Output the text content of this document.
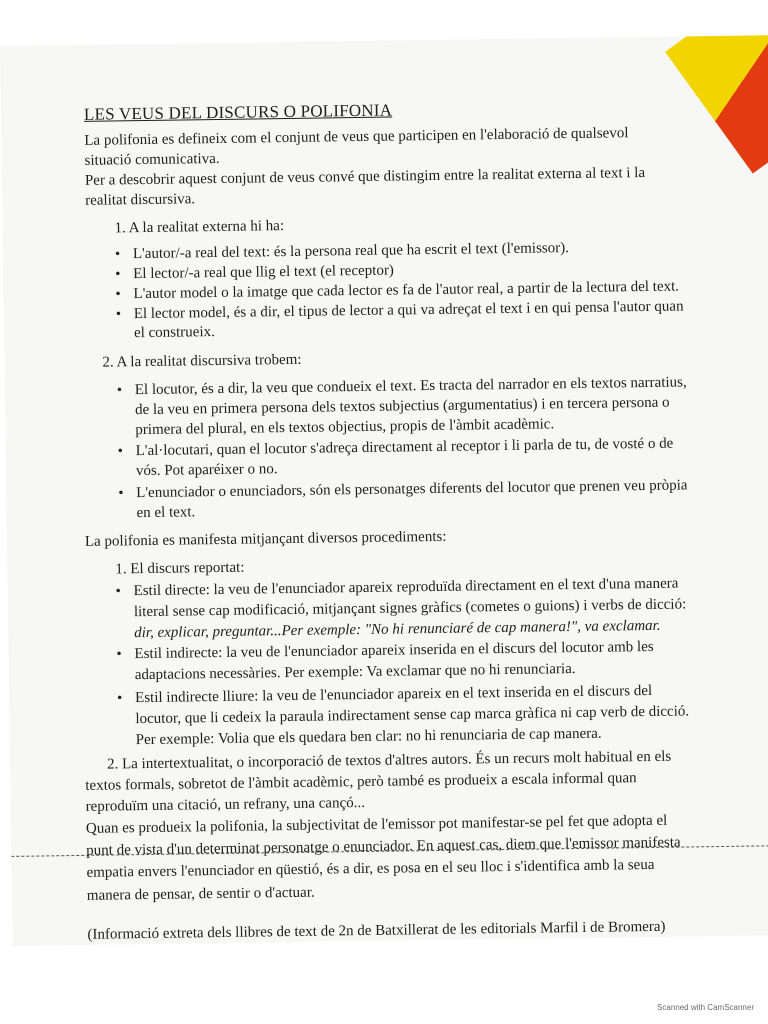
LES VEUS DEL DISCURS O POLIFONIA
La polifonia es defineix com el conjunt de veus que participen en l'elaboració de qualsevol
situació comunicativa.
Per a descobrir aquest conjunt de veus convé que distingim entre la realitat externa al text i la
realitat discursiva.
1. A la realitat externa hi ha:
• L'autor/-a real del text: és la persona real que ha escrit el text (l'emissor).
• El lector/-a real que llig el text (el receptor)
• L'autor model o la imatge que cada lector es fa de l'autor real, a partir de la lectura del text.
• El lector model, és a dir, el tipus de lector a qui va adreçat el text i en qui pensa l'autor quan
el construeix.
2. A la realitat discursiva trobem:
• El locutor, és a dir, la veu que condueix el text. Es tracta del narrador en els textos narratius,
de la veu en primera persona dels textos subjectius (argumentatius) i en tercera persona o
primera del plural, en els textos objectius, propis de l'àmbit acadèmic.
• L'al·locutari, quan el locutor s'adreça directament al receptor i li parla de tu, de vosté o de
vós. Pot aparéixer o no.
• L'enunciador o enunciadors, són els personatges diferents del locutor que prenen veu pròpia
en el text.
La polifonia es manifesta mitjançant diversos procediments:
1. El discurs reportat:
• Estil directe: la veu de l'enunciador apareix reproduïda directament en el text d'una manera
literal sense cap modificació, mitjançant signes gràfics (cometes o guions) i verbs de dicció:
dir, explicar, preguntar...Per exemple: "No hi renunciaré de cap manera!", va exclamar.
• Estil indirecte: la veu de l'enunciador apareix inserida en el discurs del locutor amb les
adaptacions necessàries. Per exemple: Va exclamar que no hi renunciaria.
• Estil indirecte lliure: la veu de l'enunciador apareix en el text inserida en el discurs del
locutor, que li cedeix la paraula indirectament sense cap marca gràfica ni cap verb de dicció.
Per exemple: Volia que els quedara ben clar: no hi renunciaria de cap manera.
2. La intertextualitat, o incorporació de textos d'altres autors. És un recurs molt habitual en els
textos formals, sobretot de l'àmbit acadèmic, però també es produeix a escala informal quan
reproduïm una citació, un refrany, una cançó...
Quan es produeix la polifonia, la subjectivitat de l'emissor pot manifestar-se pel fet que adopta el
punt de vista d'un determinat personatge o enunciador. En aquest cas, diem que l'emissor manifesta
empatia envers l'enunciador en qüestió, és a dir, es posa en el seu lloc i s'identifica amb la seua
manera de pensar, de sentir o d'actuar.
(Informació extreta dels llibres de text de 2n de Batxillerat de les editorials Marfil i de Bromera)
Scanned with CamScanner
